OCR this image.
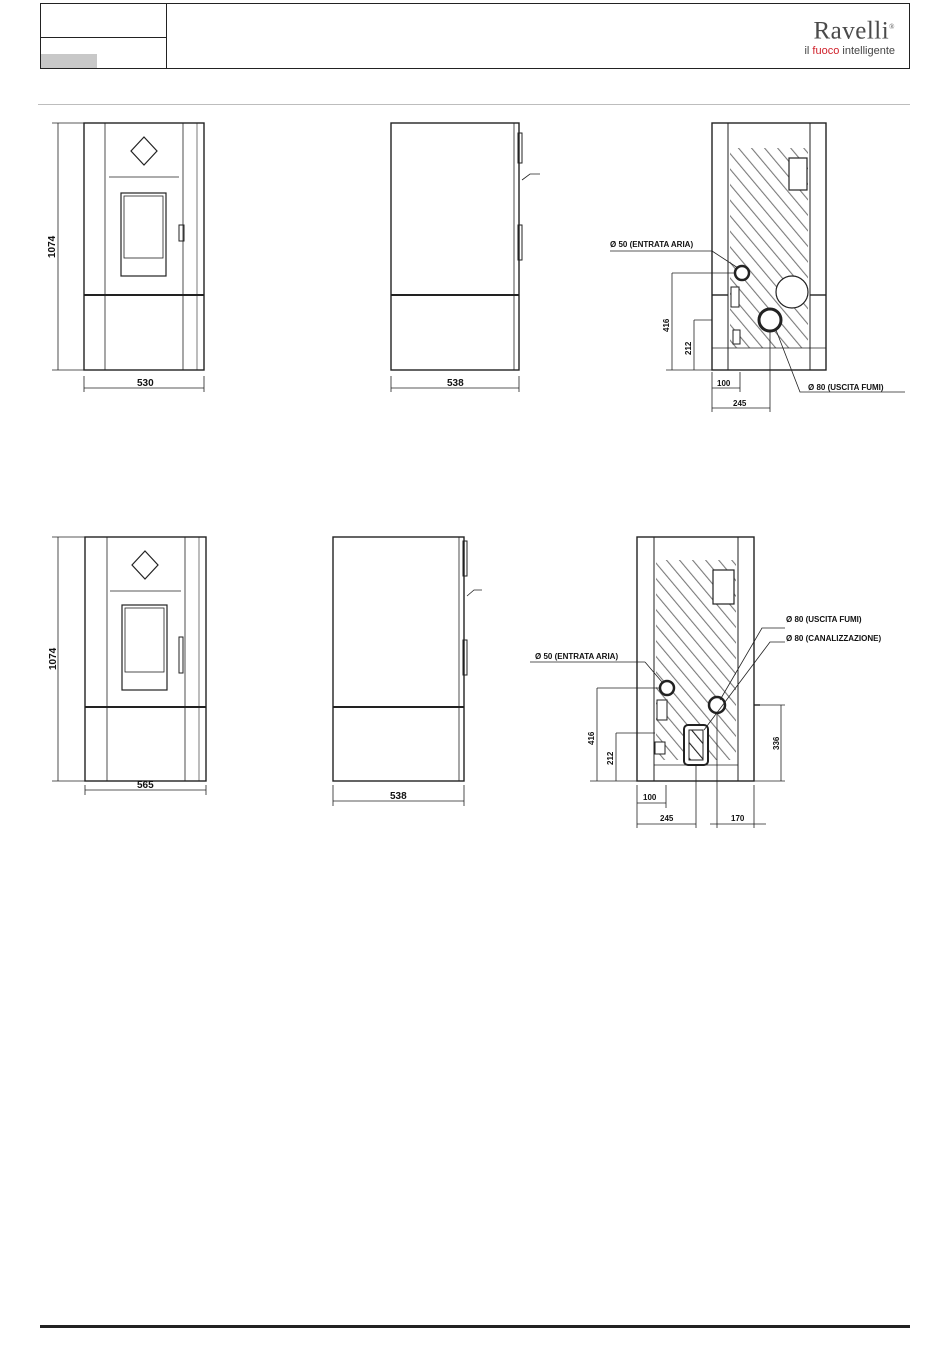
Ravelli®
il fuoco intelligente
1074
530	538
Ø 50 (ENTRATA ARIA)
Ø 80 (USCITA FUMI)
416
212
100
245
1074
565
538
Ø 50 (ENTRATA ARIA)
Ø 80 (USCITA FUMI)
Ø 80 (CANALIZZAZIONE)
416
212
336
100
245	170
